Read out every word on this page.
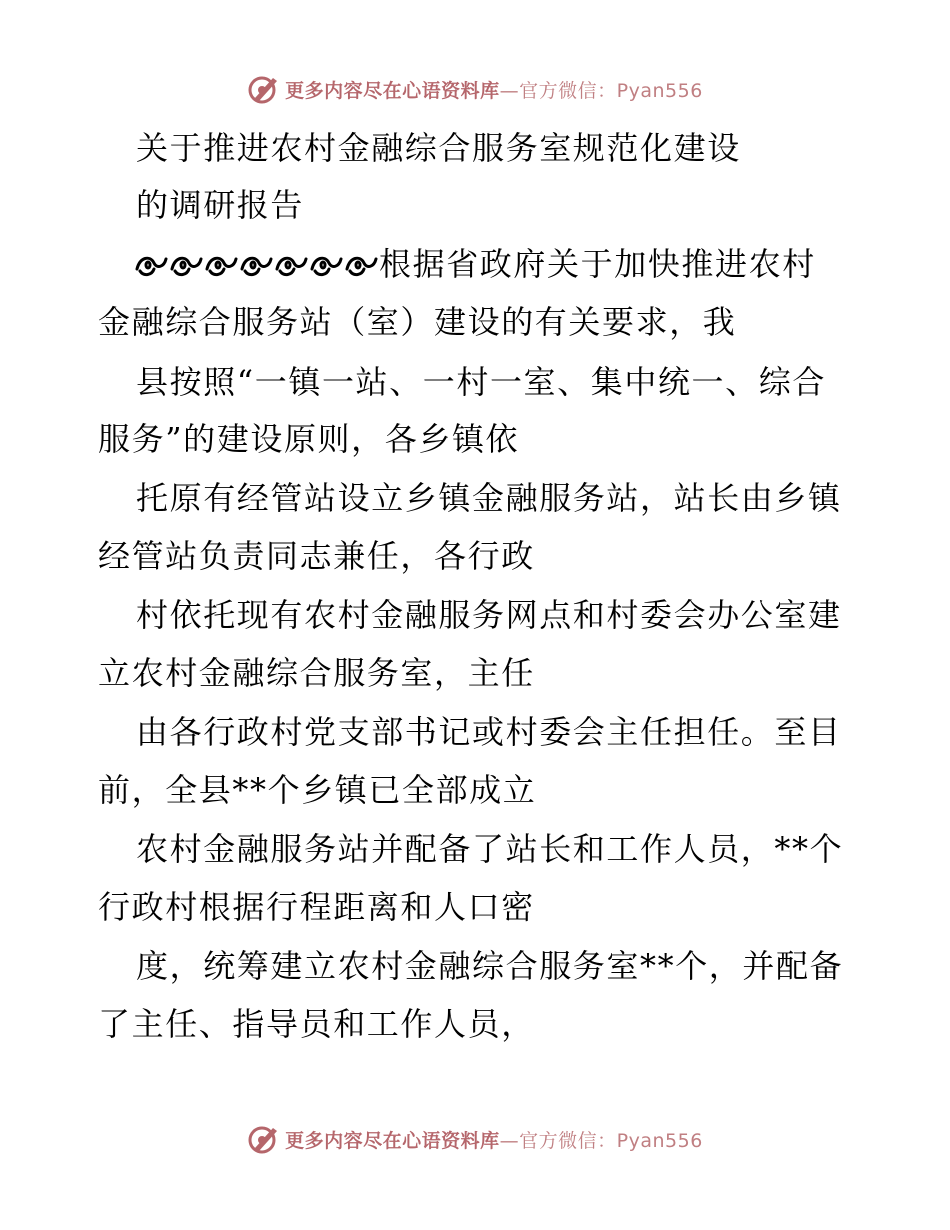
更多内容尽在心语资料库—官方微信：Pyan556
关于推进农村金融综合服务室规范化建设
的调研报告
根据省政府关于加快推进农村
金融综合服务站（室）建设的有关要求，我
县按照“一镇一站、一村一室、集中统一、综合
服务”的建设原则，各乡镇依
托原有经管站设立乡镇金融服务站，站长由乡镇
经管站负责同志兼任，各行政
村依托现有农村金融服务网点和村委会办公室建
立农村金融综合服务室，主任
由各行政村党支部书记或村委会主任担任。至目
前，全县**个乡镇已全部成立
农村金融服务站并配备了站长和工作人员，**个
行政村根据行程距离和人口密
度，统筹建立农村金融综合服务室**个，并配备
了主任、指导员和工作人员，
更多内容尽在心语资料库—官方微信：Pyan556
